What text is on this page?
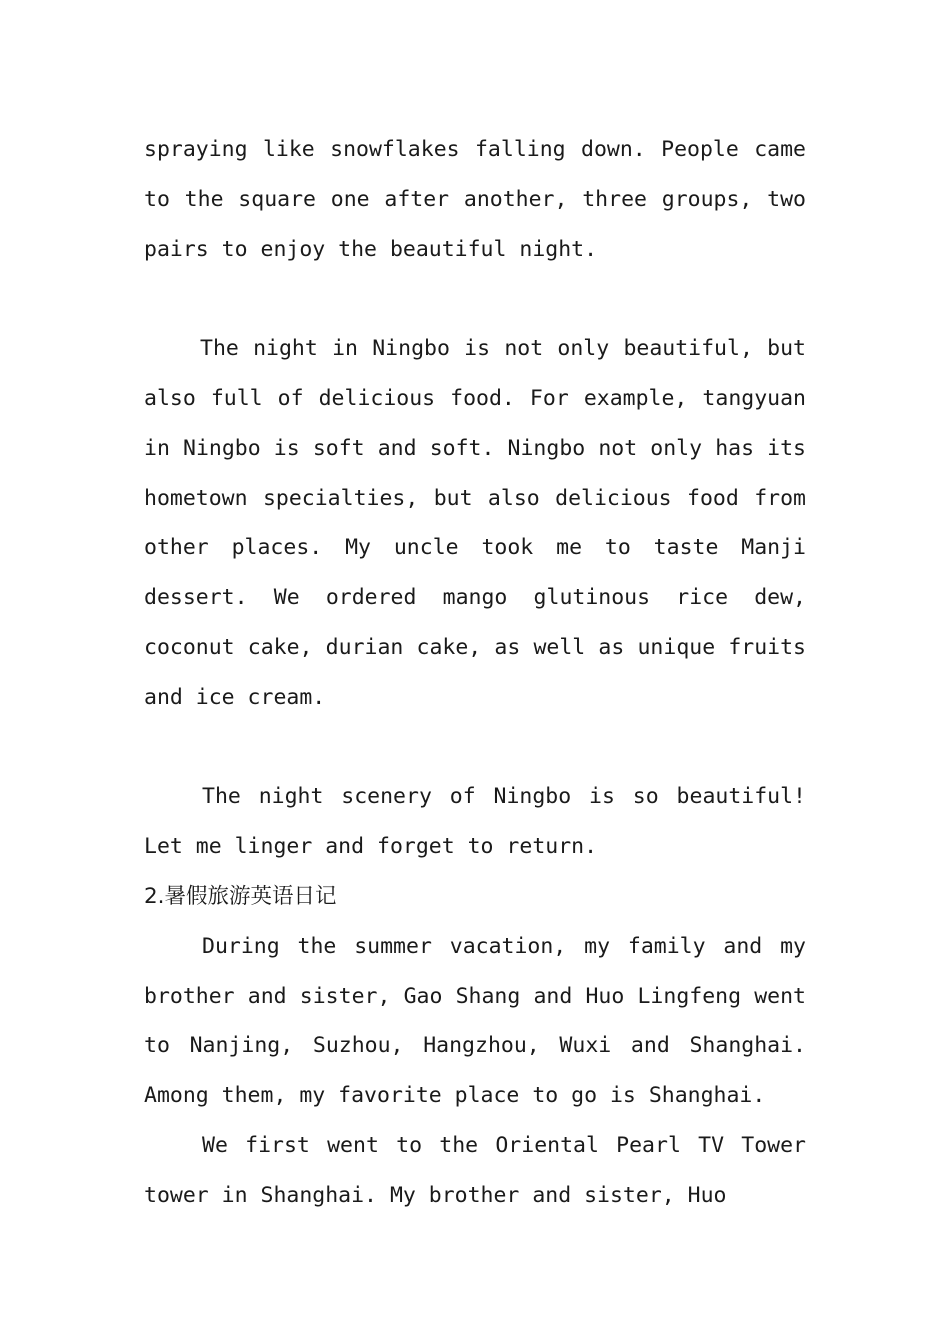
spraying like snowflakes falling down. People came to the square one after another, three groups, two pairs to enjoy the beautiful night.

The night in Ningbo is not only beautiful, but also full of delicious food. For example, tangyuan in Ningbo is soft and soft. Ningbo not only has its hometown specialties, but also delicious food from other places. My uncle took me to taste Manji dessert. We ordered mango glutinous rice dew, coconut cake, durian cake, as well as unique fruits and ice cream.

The night scenery of Ningbo is so beautiful! Let me linger and forget to return.

2.暑假旅游英语日记

During the summer vacation, my family and my brother and sister, Gao Shang and Huo Lingfeng went to Nanjing, Suzhou, Hangzhou, Wuxi and Shanghai. Among them, my favorite place to go is Shanghai.

We first went to the Oriental Pearl TV Tower tower in Shanghai. My brother and sister, Huo
